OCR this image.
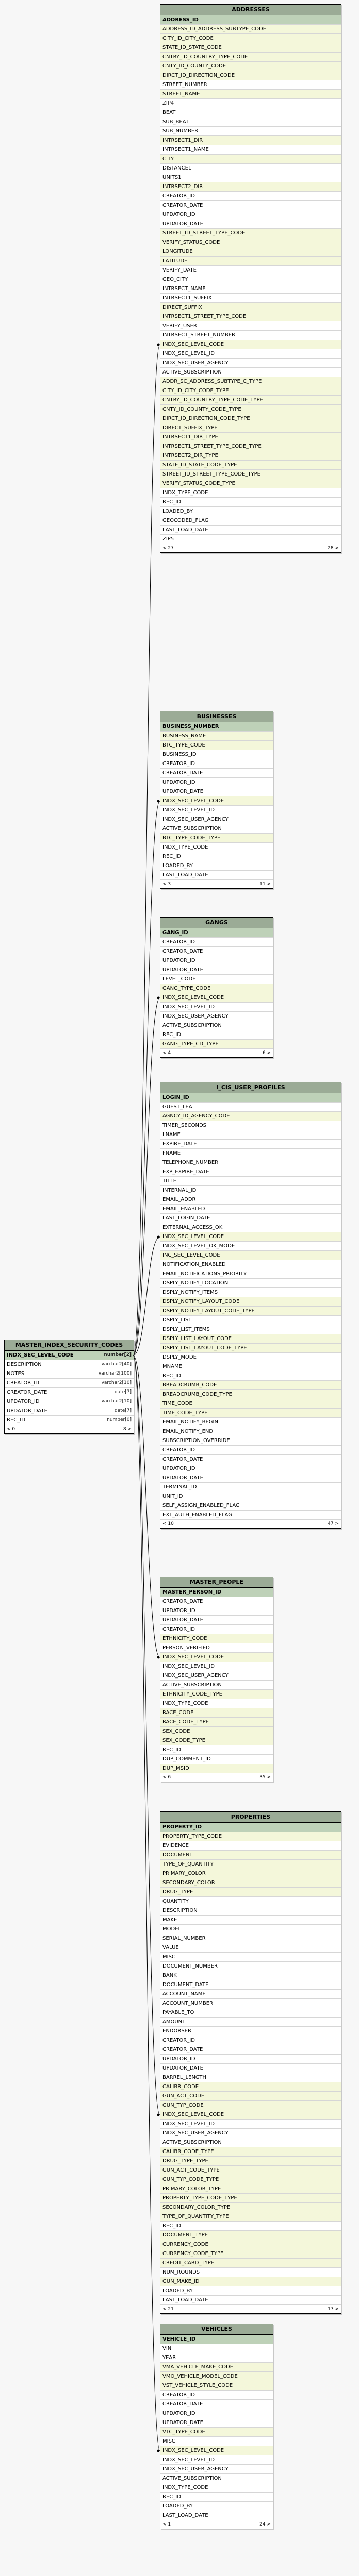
ADDRESSES
ADDRESS_ID
ADDRESS_ID_ADDRESS_SUBTYPE_CODE
CITY_ID_CITY_CODE
STATE_ID_STATE_CODE
CNTRY_ID_COUNTRY_TYPE_CODE
CNTY_ID_COUNTY_CODE
DIRCT_ID_DIRECTION_CODE
STREET_NUMBER
STREET_NAME
ZIP4
BEAT
SUB_BEAT
SUB_NUMBER
INTRSECT1_DIR
INTRSECT1_NAME
CITY
DISTANCE1
UNITS1
INTRSECT2_DIR
CREATOR_ID
CREATOR_DATE
UPDATOR_ID
UPDATOR_DATE
STREET_ID_STREET_TYPE_CODE
VERIFY_STATUS_CODE
LONGITUDE
LATITUDE
VERIFY_DATE
GEO_CITY
INTRSECT_NAME
INTRSECT1_SUFFIX
DIRECT_SUFFIX
INTRSECT1_STREET_TYPE_CODE
VERIFY_USER
INTRSECT_STREET_NUMBER
INDX_SEC_LEVEL_CODE
INDX_SEC_LEVEL_ID
INDX_SEC_USER_AGENCY
ACTIVE_SUBSCRIPTION
ADDR_SC_ADDRESS_SUBTYPE_C_TYPE
CITY_ID_CITY_CODE_TYPE
CNTRY_ID_COUNTRY_TYPE_CODE_TYPE
CNTY_ID_COUNTY_CODE_TYPE
DIRCT_ID_DIRECTION_CODE_TYPE
DIRECT_SUFFIX_TYPE
INTRSECT1_DIR_TYPE
INTRSECT1_STREET_TYPE_CODE_TYPE
INTRSECT2_DIR_TYPE
STATE_ID_STATE_CODE_TYPE
STREET_ID_STREET_TYPE_CODE_TYPE
VERIFY_STATUS_CODE_TYPE
INDX_TYPE_CODE
REC_ID
LOADED_BY
GEOCODED_FLAG
LAST_LOAD_DATE
ZIP5
< 27	28 >
BUSINESSES
BUSINESS_NUMBER
BUSINESS_NAME
BTC_TYPE_CODE
BUSINESS_ID
CREATOR_ID
CREATOR_DATE
UPDATOR_ID
UPDATOR_DATE
INDX_SEC_LEVEL_CODE
INDX_SEC_LEVEL_ID
INDX_SEC_USER_AGENCY
ACTIVE_SUBSCRIPTION
BTC_TYPE_CODE_TYPE
INDX_TYPE_CODE
REC_ID
LOADED_BY
LAST_LOAD_DATE
< 3	11 >
GANGS
GANG_ID
CREATOR_ID
CREATOR_DATE
UPDATOR_ID
UPDATOR_DATE
LEVEL_CODE
GANG_TYPE_CODE
INDX_SEC_LEVEL_CODE
INDX_SEC_LEVEL_ID
INDX_SEC_USER_AGENCY
ACTIVE_SUBSCRIPTION
REC_ID
GANG_TYPE_CD_TYPE
< 4	6 >
I_CIS_USER_PROFILES
LOGIN_ID
GUEST_LEA
AGNCY_ID_AGENCY_CODE
TIMER_SECONDS
LNAME
EXPIRE_DATE
FNAME
TELEPHONE_NUMBER
EXP_EXPIRE_DATE
TITLE
INTERNAL_ID
EMAIL_ADDR
EMAIL_ENABLED
LAST_LOGIN_DATE
EXTERNAL_ACCESS_OK
INDX_SEC_LEVEL_CODE
INDX_SEC_LEVEL_OK_MODE
INC_SEC_LEVEL_CODE
NOTIFICATION_ENABLED
EMAIL_NOTIFICATIONS_PRIORITY
DSPLY_NOTIFY_LOCATION
DSPLY_NOTIFY_ITEMS
DSPLY_NOTIFY_LAYOUT_CODE
DSPLY_NOTIFY_LAYOUT_CODE_TYPE
DSPLY_LIST
DSPLY_LIST_ITEMS
DSPLY_LIST_LAYOUT_CODE
DSPLY_LIST_LAYOUT_CODE_TYPE
DSPLY_MODE
MNAME
REC_ID
BREADCRUMB_CODE
BREADCRUMB_CODE_TYPE
TIME_CODE
TIME_CODE_TYPE
EMAIL_NOTIFY_BEGIN
EMAIL_NOTIFY_END
SUBSCRIPTION_OVERRIDE
CREATOR_ID
CREATOR_DATE
UPDATOR_ID
UPDATOR_DATE
TERMINAL_ID
UNIT_ID
SELF_ASSIGN_ENABLED_FLAG
EXT_AUTH_ENABLED_FLAG
< 10	47 >
MASTER_INDEX_SECURITY_CODES
INDX_SEC_LEVEL_CODE	number[2]
DESCRIPTION	varchar2[40]
NOTES	varchar2[100]
CREATOR_ID	varchar2[10]
CREATOR_DATE	date[7]
UPDATOR_ID	varchar2[10]
UPDATOR_DATE	date[7]
REC_ID	number[0]
< 0	8 >
MASTER_PEOPLE
MASTER_PERSON_ID
CREATOR_DATE
UPDATOR_ID
UPDATOR_DATE
CREATOR_ID
ETHNICITY_CODE
PERSON_VERIFIED
INDX_SEC_LEVEL_CODE
INDX_SEC_LEVEL_ID
INDX_SEC_USER_AGENCY
ACTIVE_SUBSCRIPTION
ETHNICITY_CODE_TYPE
INDX_TYPE_CODE
RACE_CODE
RACE_CODE_TYPE
SEX_CODE
SEX_CODE_TYPE
REC_ID
DUP_COMMENT_ID
DUP_MSID
< 6	35 >
PROPERTIES
PROPERTY_ID
PROPERTY_TYPE_CODE
EVIDENCE
DOCUMENT
TYPE_OF_QUANTITY
PRIMARY_COLOR
SECONDARY_COLOR
DRUG_TYPE
QUANTITY
DESCRIPTION
MAKE
MODEL
SERIAL_NUMBER
VALUE
MISC
DOCUMENT_NUMBER
BANK
DOCUMENT_DATE
ACCOUNT_NAME
ACCOUNT_NUMBER
PAYABLE_TO
AMOUNT
ENDORSER
CREATOR_ID
CREATOR_DATE
UPDATOR_ID
UPDATOR_DATE
BARREL_LENGTH
CALIBR_CODE
GUN_ACT_CODE
GUN_TYP_CODE
INDX_SEC_LEVEL_CODE
INDX_SEC_LEVEL_ID
INDX_SEC_USER_AGENCY
ACTIVE_SUBSCRIPTION
CALIBR_CODE_TYPE
DRUG_TYPE_TYPE
GUN_ACT_CODE_TYPE
GUN_TYP_CODE_TYPE
PRIMARY_COLOR_TYPE
PROPERTY_TYPE_CODE_TYPE
SECONDARY_COLOR_TYPE
TYPE_OF_QUANTITY_TYPE
REC_ID
DOCUMENT_TYPE
CURRENCY_CODE
CURRENCY_CODE_TYPE
CREDIT_CARD_TYPE
NUM_ROUNDS
GUN_MAKE_ID
LOADED_BY
LAST_LOAD_DATE
< 21	17 >
VEHICLES
VEHICLE_ID
VIN
YEAR
VMA_VEHICLE_MAKE_CODE
VMO_VEHICLE_MODEL_CODE
VST_VEHICLE_STYLE_CODE
CREATOR_ID
CREATOR_DATE
UPDATOR_ID
UPDATOR_DATE
VTC_TYPE_CODE
MISC
INDX_SEC_LEVEL_CODE
INDX_SEC_LEVEL_ID
INDX_SEC_USER_AGENCY
ACTIVE_SUBSCRIPTION
INDX_TYPE_CODE
REC_ID
LOADED_BY
LAST_LOAD_DATE
< 1	24 >
